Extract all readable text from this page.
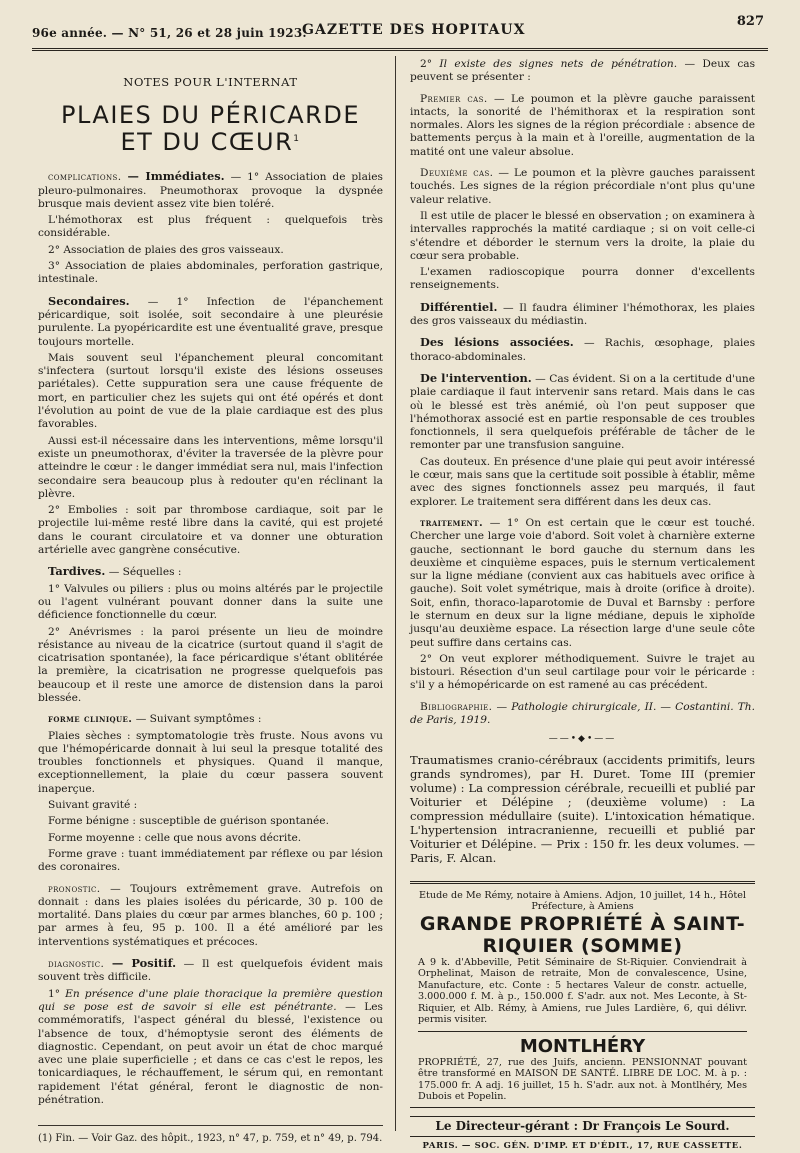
96e année. — N° 51, 26 et 28 juin 1923.
GAZETTE DES HOPITAUX
827
NOTES POUR L'INTERNAT
PLAIES DU PÉRICARDE
ET DU CŒUR$^1$

complications. — Immédiates. — 1° Association de plaies pleuro-pulmonaires. Pneumothorax provoque la dyspnée brusque mais devient assez vite bien toléré.

L'hémothorax est plus fréquent : quelquefois très considérable.

2° Association de plaies des gros vaisseaux.

3° Association de plaies abdominales, perforation gastrique, intestinale.

Secondaires. — 1° Infection de l'épanchement péricardique, soit isolée, soit secondaire à une pleurésie purulente. La pyopéricardite est une éventualité grave, presque toujours mortelle.

Mais souvent seul l'épanchement pleural concomitant s'infectera (surtout lorsqu'il existe des lésions osseuses pariétales). Cette suppuration sera une cause fréquente de mort, en particulier chez les sujets qui ont été opérés et dont l'évolution au point de vue de la plaie cardiaque est des plus favorables.

Aussi est-il nécessaire dans les interventions, même lorsqu'il existe un pneumothorax, d'éviter la traversée de la plèvre pour atteindre le cœur : le danger immédiat sera nul, mais l'infection secondaire sera beaucoup plus à redouter qu'en réclinant la plèvre.

2° Embolies : soit par thrombose cardiaque, soit par le projectile lui-même resté libre dans la cavité, qui est projeté dans le courant circulatoire et va donner une obturation artérielle avec gangrène consécutive.

Tardives. — Séquelles :

1° Valvules ou piliers : plus ou moins altérés par le projectile ou l'agent vulnérant pouvant donner dans la suite une déficience fonctionnelle du cœur.

2° Anévrismes : la paroi présente un lieu de moindre résistance au niveau de la cicatrice (surtout quand il s'agit de cicatrisation spontanée), la face péricardique s'étant oblitérée la première, la cicatrisation ne progresse quelquefois pas beaucoup et il reste une amorce de distension dans la paroi blessée.

forme clinique. — Suivant symptômes :

Plaies sèches : symptomatologie très fruste. Nous avons vu que l'hémopéricarde donnait à lui seul la presque totalité des troubles fonctionnels et physiques. Quand il manque, exceptionnellement, la plaie du cœur passera souvent inaperçue.

Suivant gravité :

Forme bénigne : susceptible de guérison spontanée.

Forme moyenne : celle que nous avons décrite.

Forme grave : tuant immédiatement par réflexe ou par lésion des coronaires.

pronostic. — Toujours extrêmement grave. Autrefois on donnait : dans les plaies isolées du péricarde, 30 p. 100 de mortalité. Dans plaies du cœur par armes blanches, 60 p. 100 ; par armes à feu, 95 p. 100. Il a été amélioré par les interventions systématiques et précoces.

diagnostic. — Positif. — Il est quelquefois évident mais souvent très difficile.

1° En présence d'une plaie thoracique la première question qui se pose est de savoir si elle est pénétrante. — Les commémoratifs, l'aspect général du blessé, l'existence ou l'absence de toux, d'hémoptysie seront des éléments de diagnostic. Cependant, on peut avoir un état de choc marqué avec une plaie superficielle ; et dans ce cas c'est le repos, les tonicardiaques, le réchauffement, le sérum qui, en remontant rapidement l'état général, feront le diagnostic de non-pénétration.

(1) Fin. — Voir Gaz. des hôpit., 1923, n° 47, p. 759, et n° 49, p. 794.

2° Il existe des signes nets de pénétration. — Deux cas peuvent se présenter :

Premier cas. — Le poumon et la plèvre gauche paraissent intacts, la sonorité de l'hémithorax et la respiration sont normales. Alors les signes de la région précordiale : absence de battements perçus à la main et à l'oreille, augmentation de la matité ont une valeur absolue.

Deuxième cas. — Le poumon et la plèvre gauches paraissent touchés. Les signes de la région précordiale n'ont plus qu'une valeur relative.

Il est utile de placer le blessé en observation ; on examinera à intervalles rapprochés la matité cardiaque ; si on voit celle-ci s'étendre et déborder le sternum vers la droite, la plaie du cœur sera probable.

L'examen radioscopique pourra donner d'excellents renseignements.

Différentiel. — Il faudra éliminer l'hémothorax, les plaies des gros vaisseaux du médiastin.

Des lésions associées. — Rachis, œsophage, plaies thoraco-abdominales.

De l'intervention. — Cas évident. Si on a la certitude d'une plaie cardiaque il faut intervenir sans retard. Mais dans le cas où le blessé est très anémié, où l'on peut supposer que l'hémothorax associé est en partie responsable de ces troubles fonctionnels, il sera quelquefois préférable de tâcher de le remonter par une transfusion sanguine.

Cas douteux. En présence d'une plaie qui peut avoir intéressé le cœur, mais sans que la certitude soit possible à établir, même avec des signes fonctionnels assez peu marqués, il faut explorer. Le traitement sera différent dans les deux cas.

traitement. — 1° On est certain que le cœur est touché. Chercher une large voie d'abord. Soit volet à charnière externe gauche, sectionnant le bord gauche du sternum dans les deuxième et cinquième espaces, puis le sternum verticalement sur la ligne médiane (convient aux cas habituels avec orifice à gauche). Soit volet symétrique, mais à droite (orifice à droite). Soit, enfin, thoraco-laparotomie de Duval et Barnsby : perfore le sternum en deux sur la ligne médiane, depuis le xiphoïde jusqu'au deuxième espace. La résection large d'une seule côte peut suffire dans certains cas.

2° On veut explorer méthodiquement. Suivre le trajet au bistouri. Résection d'un seul cartilage pour voir le péricarde : s'il y a hémopéricarde on est ramené au cas précédent.

Bibliographie. — Pathologie chirurgicale, II. — Costantini. Th. de Paris, 1919.

——•◆•——

Traumatismes cranio-cérébraux (accidents primitifs, leurs grands syndromes), par H. Duret. Tome III (premier volume) : La compression cérébrale, recueilli et publié par Voiturier et Délépine ; (deuxième volume) : La compression médullaire (suite). L'intoxication hématique. L'hypertension intracranienne, recueilli et publié par Voiturier et Délépine. — Prix : 150 fr. les deux volumes. — Paris, F. Alcan.

Etude de Me Rémy, notaire à Amiens. Adjon, 10 juillet, 14 h., Hôtel Préfecture, à Amiens
GRANDE PROPRIÉTÉ À SAINT-RIQUIER (SOMME)
A 9 k. d'Abbeville, Petit Séminaire de St-Riquier. Conviendrait à Orphelinat, Maison de retraite, Mon de convalescence, Usine, Manufacture, etc. Conte : 5 hectares Valeur de constr. actuelle, 3.000.000 f. M. à p., 150.000 f. S'adr. aux not. Mes Leconte, à St-Riquier, et Alb. Rémy, à Amiens, rue Jules Lardière, 6, qui délivr. permis visiter.
MONTLHÉRY
PROPRIÉTÉ, 27, rue des Juifs, ancienn. PENSIONNAT pouvant être transformé en MAISON DE SANTÉ. LIBRE DE LOC. M. à p. : 175.000 fr. A adj. 16 juillet, 15 h. S'adr. aux not. à Montlhéry, Mes Dubois et Popelin.
Le Directeur-gérant : Dr François Le Sourd.
PARIS. — SOC. GÉN. D'IMP. ET D'ÉDIT., 17, RUE CASSETTE.
